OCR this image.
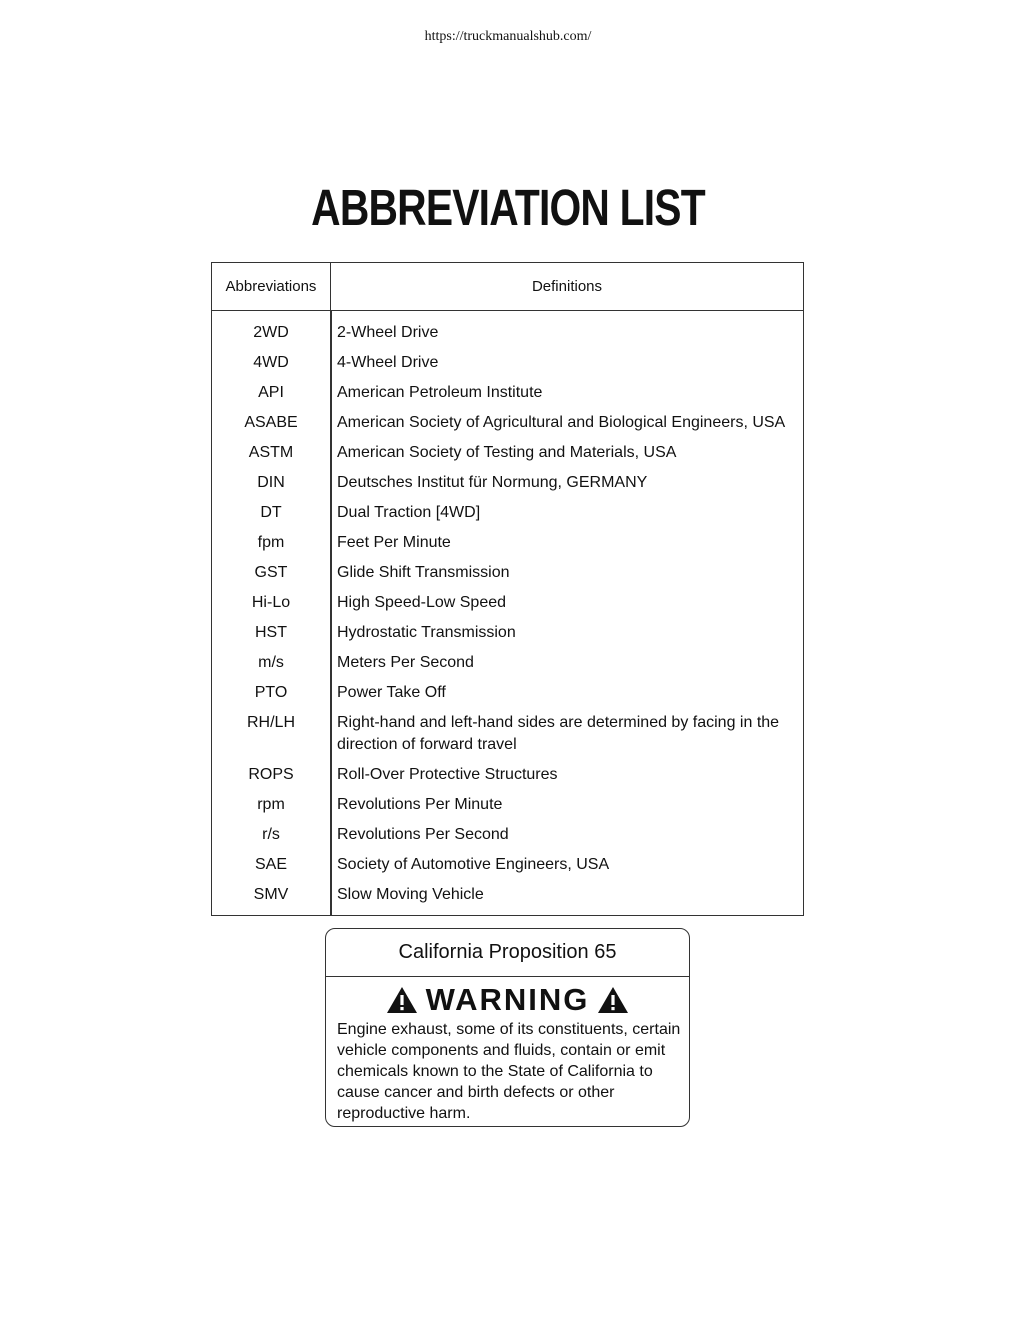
https://truckmanualshub.com/
ABBREVIATION LIST
Abbreviations	Definitions
2WD	2-Wheel Drive
4WD	4-Wheel Drive
API	American Petroleum Institute
ASABE	American Society of Agricultural and Biological Engineers, USA
ASTM	American Society of Testing and Materials, USA
DIN	Deutsches Institut für Normung, GERMANY
DT	Dual Traction [4WD]
fpm	Feet Per Minute
GST	Glide Shift Transmission
Hi-Lo	High Speed-Low Speed
HST	Hydrostatic Transmission
m/s	Meters Per Second
PTO	Power Take Off
RH/LH	Right-hand and left-hand sides are determined by facing in the direction of forward travel
ROPS	Roll-Over Protective Structures
rpm	Revolutions Per Minute
r/s	Revolutions Per Second
SAE	Society of Automotive Engineers, USA
SMV	Slow Moving Vehicle
California Proposition 65
WARNING
Engine exhaust, some of its constituents, certain vehicle components and fluids, contain or emit chemicals known to the State of California to cause cancer and birth defects or other reproductive harm.
